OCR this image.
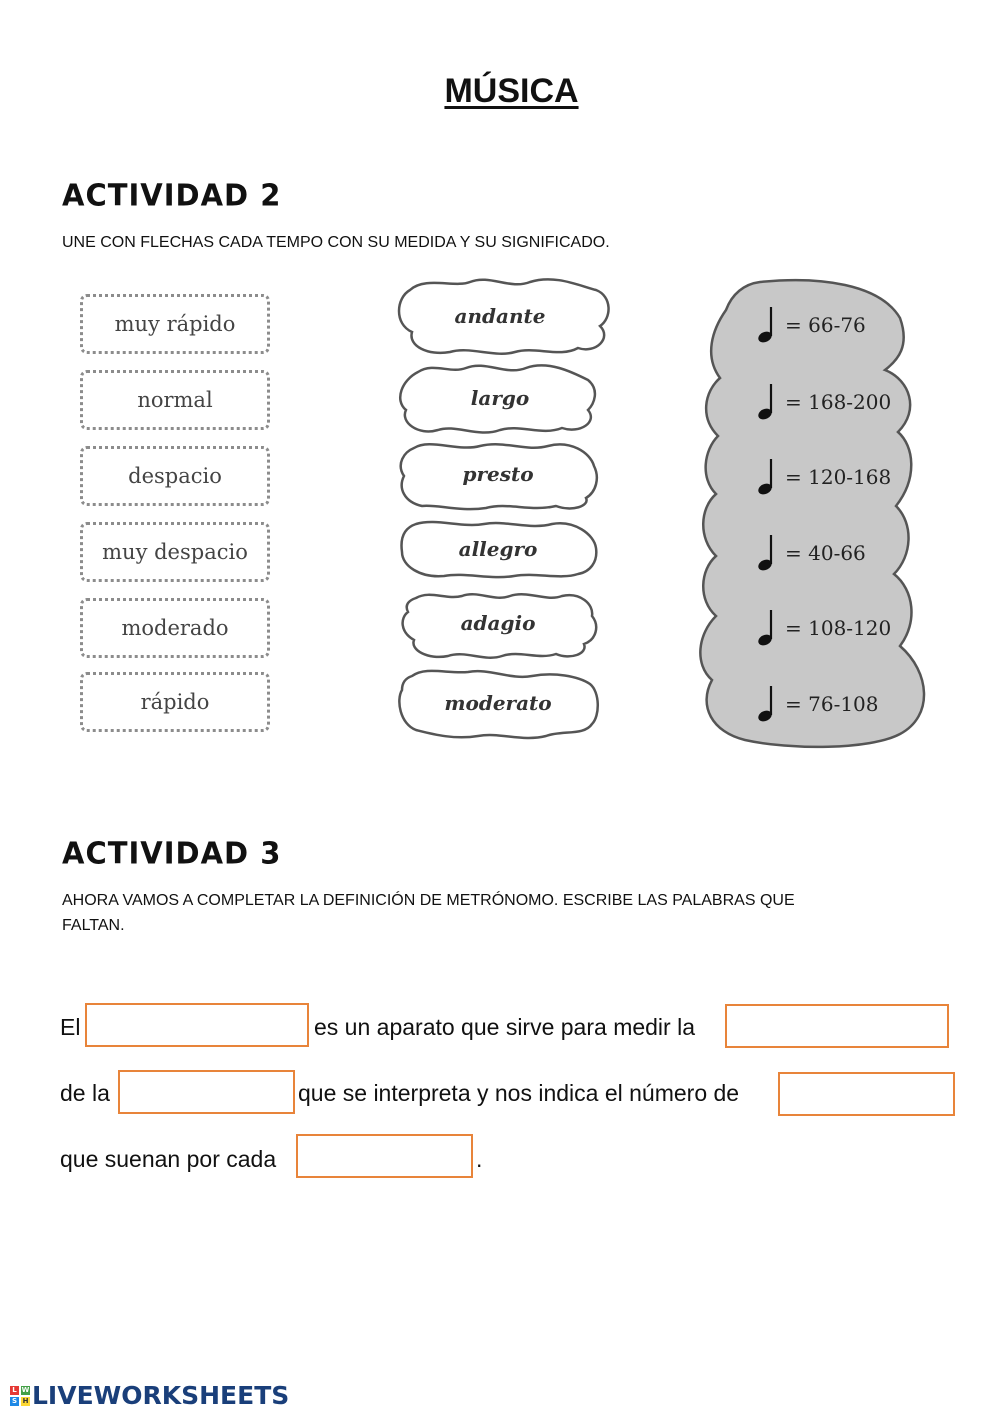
MÚSICA
ACTIVIDAD 2
UNE CON FLECHAS CADA TEMPO CON SU MEDIDA Y SU SIGNIFICADO.
muy rápido
normal
despacio
muy despacio
moderado
rápido
andante
largo
presto
allegro
adagio
moderato
= 66-76
= 168-200
= 120-168
= 40-66
= 108-120
= 76-108
ACTIVIDAD 3
AHORA VAMOS A COMPLETAR LA DEFINICIÓN DE METRÓNOMO. ESCRIBE LAS PALABRAS QUE FALTAN.
El	es un aparato que sirve para medir la
de la	que se interpreta y nos indica el número de
que suenan por cada	.
L W
S H LIVEWORKSHEETS
